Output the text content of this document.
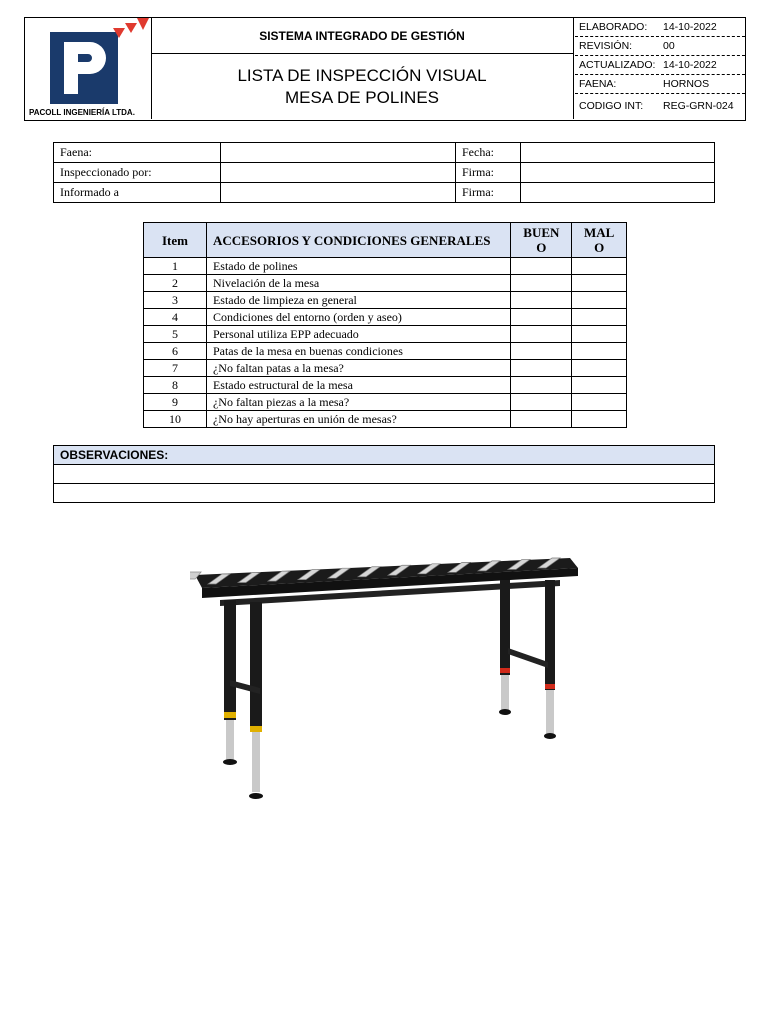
PACOLL INGENIERÍA LTDA.
SISTEMA INTEGRADO DE GESTIÓN
LISTA DE INSPECCIÓN VISUAL
MESA DE POLINES
ELABORADO: 14-10-2022
REVISIÓN:	00
ACTUALIZADO: 14-10-2022
FAENA:	HORNOS
CODIGO INT: REG-GRN-024
Faena:		Fecha:	
Inspeccionado por:		Firma:	
Informado a		Firma:	
Item	ACCESORIOS Y CONDICIONES GENERALES	BUEN O	MAL O
1	Estado de polines		
2	Nivelación de la mesa		
3	Estado de limpieza en general		
4	Condiciones del entorno (orden y aseo)		
5	Personal utiliza EPP adecuado		
6	Patas de la mesa en buenas condiciones		
7	¿No faltan patas a la mesa?		
8	Estado estructural de la mesa		
9	¿No faltan piezas a la mesa?		
10	¿No hay aperturas en unión de mesas?		
OBSERVACIONES:
